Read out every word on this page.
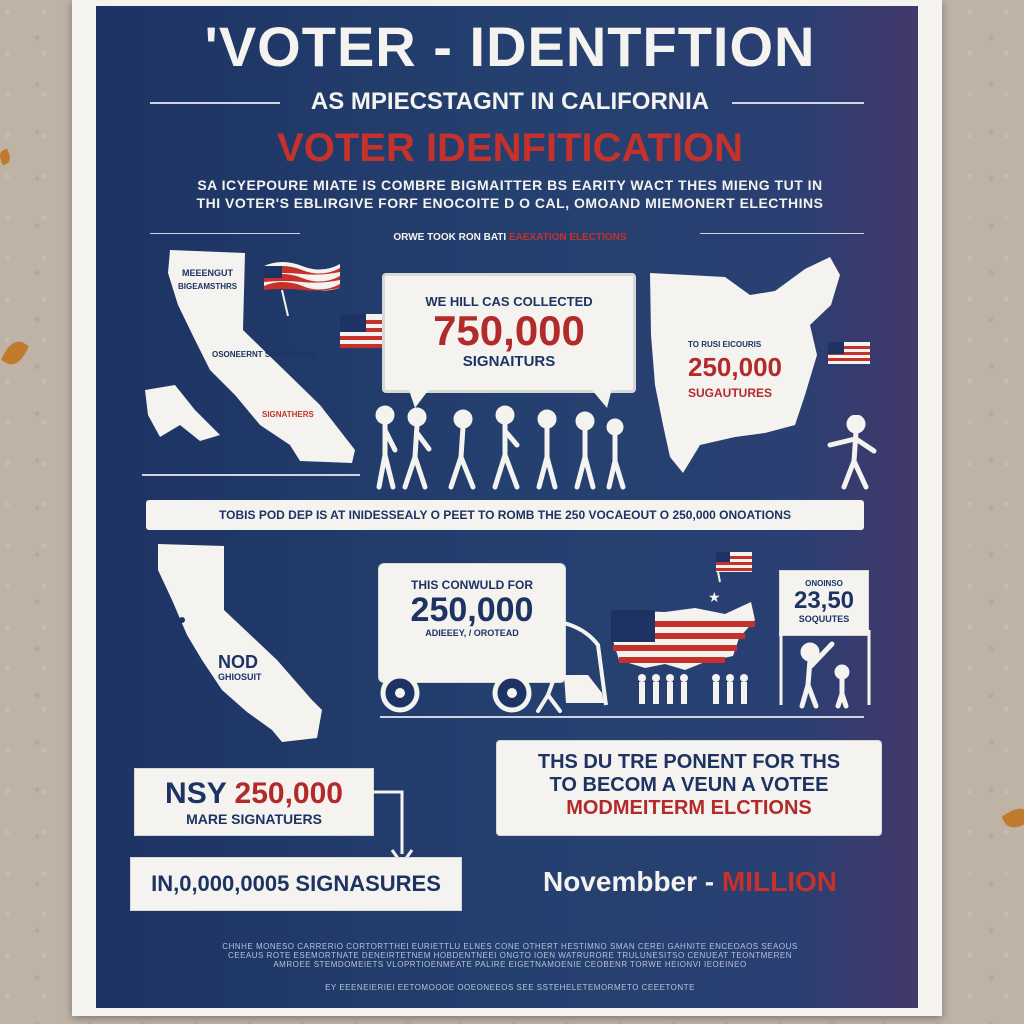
'VOTER - IDENTFTION
AS MPIECSTAGNT IN CALIFORNIA
VOTER IDENFITICATION
SA ICYEPOURE MIATE IS COMBRE BIGMAITTER BS EARITY WACT THES MIENG TUT IN
THI VOTER'S EBLIRGIVE FORF ENOCOITE D O CAL, OMOAND MIEMONERT ELECTHINS
ORWE TOOK RON BATI EAEXATION ELECTIONS
MEEENGUT
BIGEAMSTHRS
OSONEERNT SIGNATURES
SIGNATHERS
WE HILL CAS COLLECTED
750,000
SIGNAITURS
TO RUSI EICOURIS
250,000
SUGAUTURES
TOBIS POD DEP IS AT INIDESSEALY O PEET TO ROMB THE 250 VOCAEOUT O 250,000 ONOATIONS
NOD
GHIOSUIT
THIS CONWULD FOR
250,000
ADIEEEY, / OROTEAD
★
ONOINSO
23,50
SOQUUTES
NSY 250,000
MARE SIGNATUERS
IN,0,000,0005 SIGNASURES
THS DU TRE PONENT FOR THS
TO BECOM A VEUN A VOTEE
MODMEITERM ELCTIONS
Novembber - MILLION
CHNHE MONESO CARRERIO CORTORTTHEI EURIETTLU ELNES CONE OTHERT HESTIMNO SMAN CEREI GAHNITE ENCEOAOS SEAOUS
CEEAUS ROTE ESEMORTNATE DENEIRTETNEM HOBDENTNEEI ONGTO IOEN WATRURORE TRULUNESITSO CENUEAT TEONTMEREN
AMROEE STEMDOMEIETS VLOPRTIOENMEATE PALIRE EIGETNAMOENIE CEOBENR TORWE HEIONVI IEOEINEO
EY EEENEIERIEI EETOMOOOE OOEONEEOS SEE SSTEHELETEMORMETO CEEETONTE
